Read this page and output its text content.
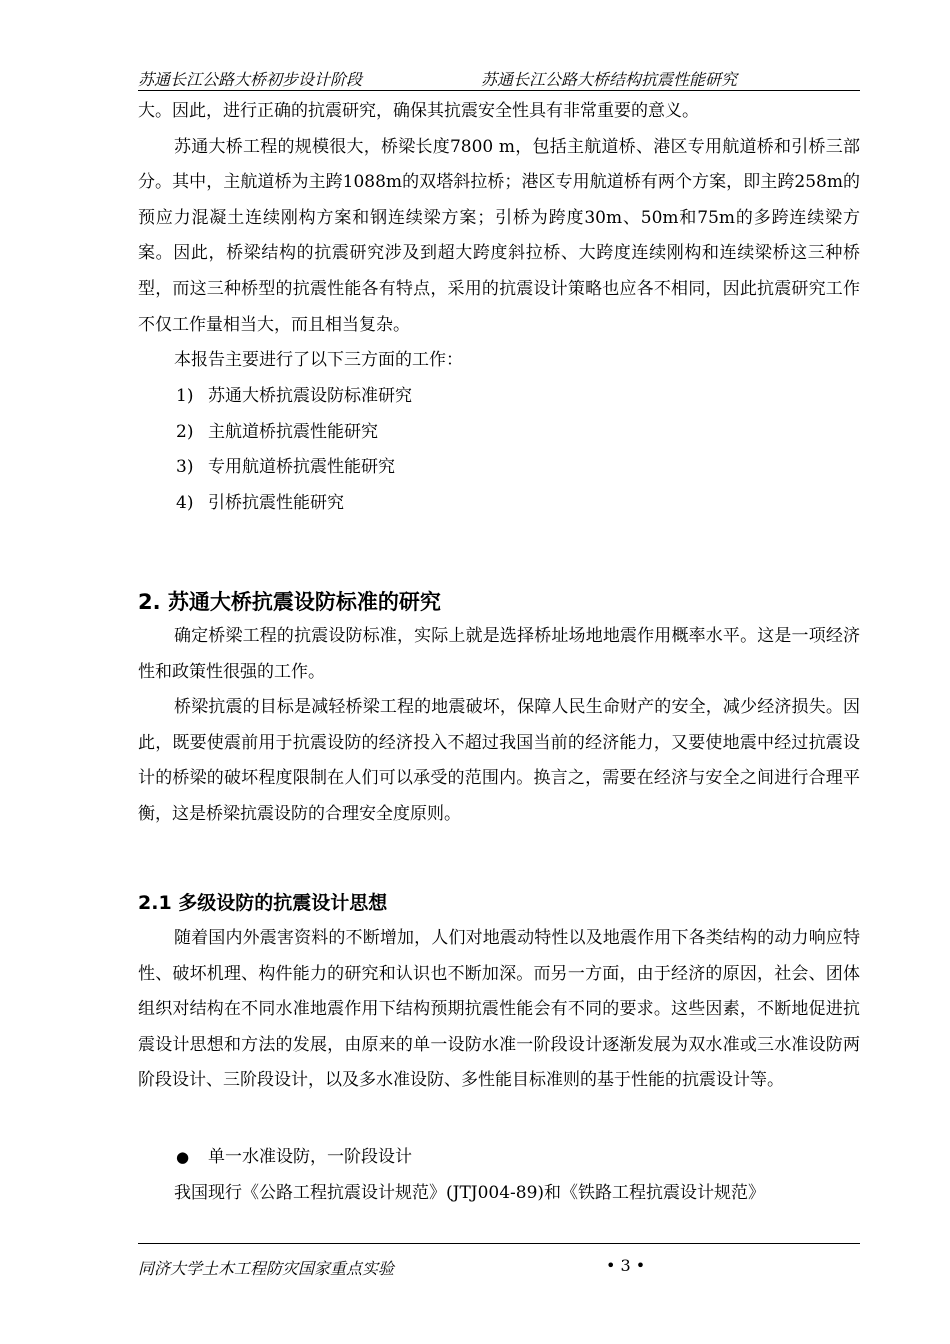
苏通长江公路大桥初步设计阶段	苏通长江公路大桥结构抗震性能研究

大。因此，进行正确的抗震研究，确保其抗震安全性具有非常重要的意义。

苏通大桥工程的规模很大，桥梁长度7800 m，包括主航道桥、港区专用航道桥和引桥三部分。其中，主航道桥为主跨1088m的双塔斜拉桥；港区专用航道桥有两个方案，即主跨258m的预应力混凝土连续刚构方案和钢连续梁方案；引桥为跨度30m、50m和75m的多跨连续梁方案。因此，桥梁结构的抗震研究涉及到超大跨度斜拉桥、大跨度连续刚构和连续梁桥这三种桥型，而这三种桥型的抗震性能各有特点，采用的抗震设计策略也应各不相同，因此抗震研究工作不仅工作量相当大，而且相当复杂。

本报告主要进行了以下三方面的工作：

1) 苏通大桥抗震设防标准研究
2) 主航道桥抗震性能研究
3) 专用航道桥抗震性能研究
4) 引桥抗震性能研究
2. 苏通大桥抗震设防标准的研究

确定桥梁工程的抗震设防标准，实际上就是选择桥址场地地震作用概率水平。这是一项经济性和政策性很强的工作。

桥梁抗震的目标是减轻桥梁工程的地震破坏，保障人民生命财产的安全，减少经济损失。因此，既要使震前用于抗震设防的经济投入不超过我国当前的经济能力，又要使地震中经过抗震设计的桥梁的破坏程度限制在人们可以承受的范围内。换言之，需要在经济与安全之间进行合理平衡，这是桥梁抗震设防的合理安全度原则。

2.1 多级设防的抗震设计思想

随着国内外震害资料的不断增加，人们对地震动特性以及地震作用下各类结构的动力响应特性、破坏机理、构件能力的研究和认识也不断加深。而另一方面，由于经济的原因，社会、团体组织对结构在不同水准地震作用下结构预期抗震性能会有不同的要求。这些因素，不断地促进抗震设计思想和方法的发展，由原来的单一设防水准一阶段设计逐渐发展为双水准或三水准设防两阶段设计、三阶段设计，以及多水准设防、多性能目标准则的基于性能的抗震设计等。

● 单一水准设防，一阶段设计

我国现行《公路工程抗震设计规范》(JTJ004-89)和《铁路工程抗震设计规范》

同济大学土木工程防灾国家重点实验	• 3 •
